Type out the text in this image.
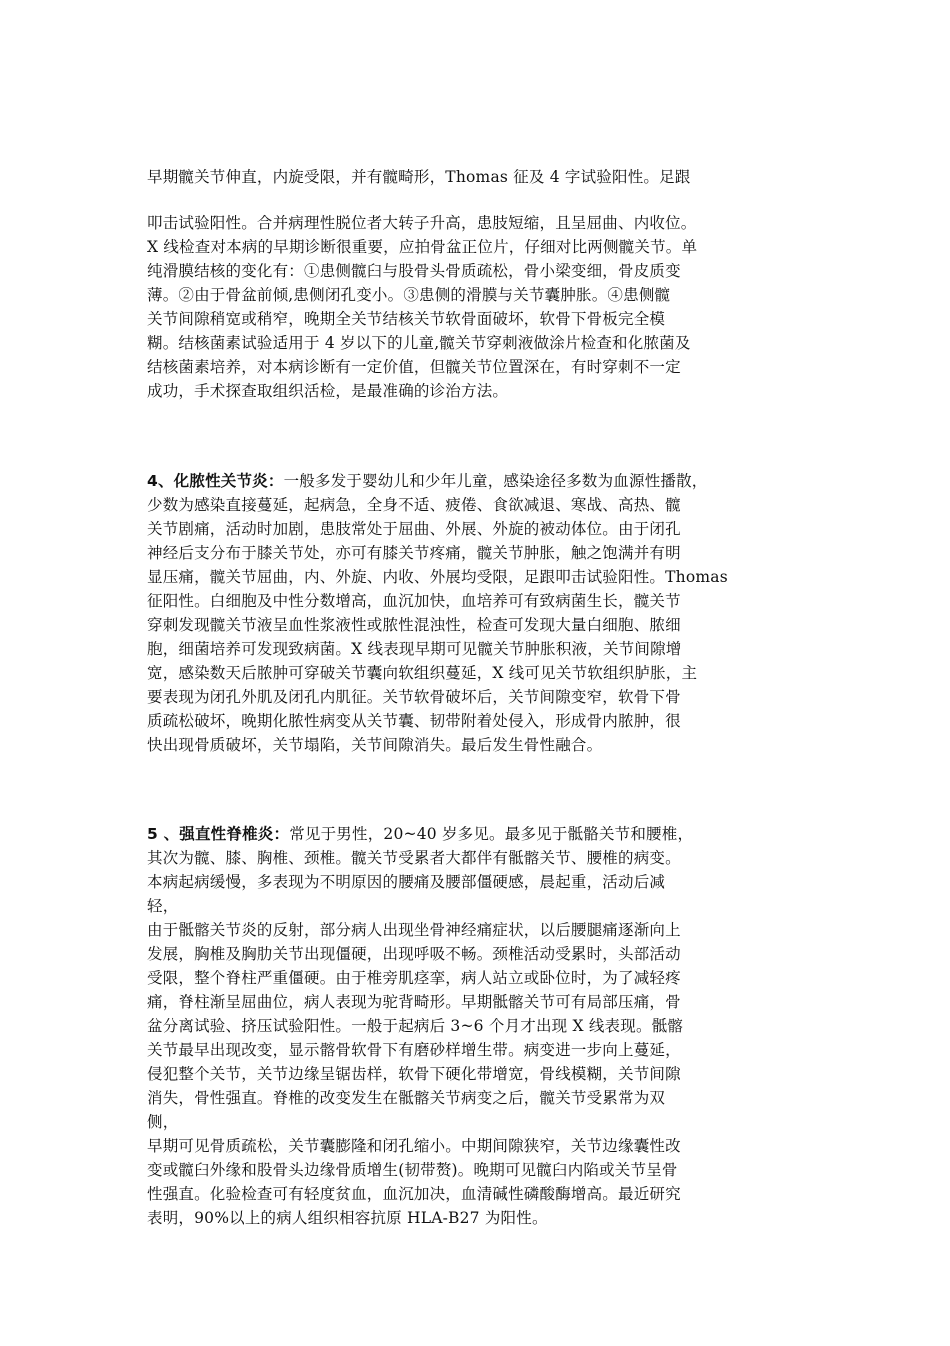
早期髋关节伸直，内旋受限，并有髋畸形，Thomas 征及 4 字试验阳性。足跟
叩击试验阳性。合并病理性脱位者大转子升高，患肢短缩，且呈屈曲、内收位。
X 线检查对本病的早期诊断很重要，应拍骨盆正位片，仔细对比两侧髋关节。单
纯滑膜结核的变化有：①患侧髋臼与股骨头骨质疏松，骨小梁变细，骨皮质变
薄。②由于骨盆前倾,患侧闭孔变小。③患侧的滑膜与关节囊肿胀。④患侧髋
关节间隙稍宽或稍窄，晚期全关节结核关节软骨面破坏，软骨下骨板完全模
糊。结核菌素试验适用于 4 岁以下的儿童,髋关节穿刺液做涂片检查和化脓菌及
结核菌素培养，对本病诊断有一定价值，但髋关节位置深在，有时穿刺不一定
成功，手术探查取组织活检，是最准确的诊治方法。
4、化脓性关节炎：一般多发于婴幼儿和少年儿童，感染途径多数为血源性播散，
少数为感染直接蔓延，起病急，全身不适、疲倦、食欲减退、寒战、高热、髋
关节剧痛，活动时加剧，患肢常处于屈曲、外展、外旋的被动体位。由于闭孔
神经后支分布于膝关节处，亦可有膝关节疼痛，髋关节肿胀，触之饱满并有明
显压痛，髋关节屈曲，内、外旋、内收、外展均受限，足跟叩击试验阳性。Thomas
征阳性。白细胞及中性分数增高，血沉加快，血培养可有致病菌生长，髋关节
穿刺发现髋关节液呈血性浆液性或脓性混浊性，检查可发现大量白细胞、脓细
胞，细菌培养可发现致病菌。X 线表现早期可见髋关节肿胀积液，关节间隙增
宽，感染数天后脓肿可穿破关节囊向软组织蔓延，X 线可见关节软组织胪胀，主
要表现为闭孔外肌及闭孔内肌征。关节软骨破坏后，关节间隙变窄，软骨下骨
质疏松破坏，晚期化脓性病变从关节囊、韧带附着处侵入，形成骨内脓肿，很
快出现骨质破坏，关节塌陷，关节间隙消失。最后发生骨性融合。
5 、强直性脊椎炎：常见于男性，20~40 岁多见。最多见于骶骼关节和腰椎，
其次为髋、膝、胸椎、颈椎。髋关节受累者大都伴有骶髂关节、腰椎的病变。
本病起病缓慢，多表现为不明原因的腰痛及腰部僵硬感，晨起重，活动后减
轻，
由于骶髂关节炎的反射，部分病人出现坐骨神经痛症状，以后腰腿痛逐渐向上
发展，胸椎及胸肋关节出现僵硬，出现呼吸不畅。颈椎活动受累时，头部活动
受限，整个脊柱严重僵硬。由于椎旁肌痉挛，病人站立或卧位时，为了减轻疼
痛，脊柱渐呈屈曲位，病人表现为驼背畸形。早期骶髂关节可有局部压痛，骨
盆分离试验、挤压试验阳性。一般于起病后 3~6 个月才出现 X 线表现。骶髂
关节最早出现改变，显示髂骨软骨下有磨砂样增生带。病变进一步向上蔓延，
侵犯整个关节，关节边缘呈锯齿样，软骨下硬化带增宽，骨线模糊，关节间隙
消失，骨性强直。脊椎的改变发生在骶髂关节病变之后，髋关节受累常为双
侧，
早期可见骨质疏松，关节囊膨隆和闭孔缩小。中期间隙狭窄，关节边缘囊性改
变或髋臼外缘和股骨头边缘骨质增生(韧带赘)。晚期可见髋臼内陷或关节呈骨
性强直。化验检查可有轻度贫血，血沉加决，血清碱性磷酸酶增高。最近研究
表明，90%以上的病人组织相容抗原 HLA-B27 为阳性。
